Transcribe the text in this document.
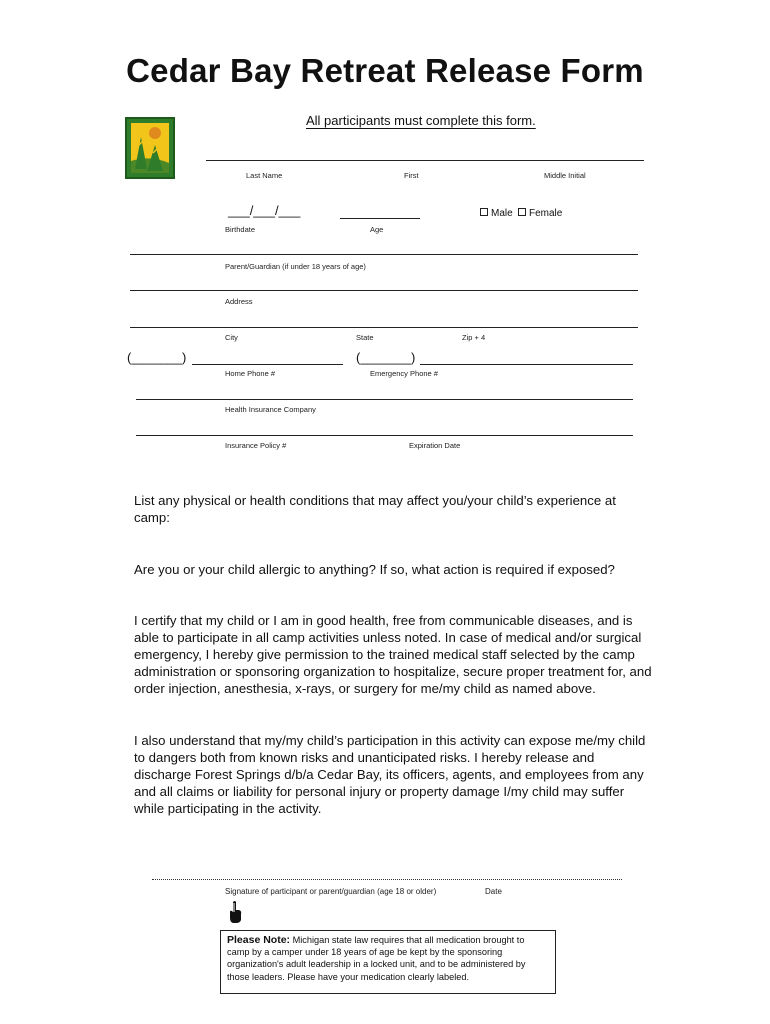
Cedar Bay Retreat Release Form
All participants must complete this form.
Last Name	First	Middle Initial
___/___/___	Male	Female
Birthdate	Age
Parent/Guardian (if under 18 years of age)
Address
City	State	Zip + 4
(_______)	(_______)
Home Phone #	Emergency Phone #
Health Insurance Company
Insurance Policy #	Expiration Date
List any physical or health conditions that may affect you/your child’s experience at camp:
Are you or your child allergic to anything? If so, what action is required if exposed?
I certify that my child or I am in good health, free from communicable diseases, and is able to participate in all camp activities unless noted. In case of medical and/or surgical emergency, I hereby give permission to the trained medical staff selected by the camp administration or sponsoring organization to hospitalize, secure proper treatment for, and order injection, anesthesia, x-rays, or surgery for me/my child as named above.
I also understand that my/my child’s participation in this activity can expose me/my child to dangers both from known risks and unanticipated risks. I hereby release and discharge Forest Springs d/b/a Cedar Bay, its officers, agents, and employees from any and all claims or liability for personal injury or property damage I/my child may suffer while participating in the activity.
Signature of participant or parent/guardian (age 18 or older)	Date
Please Note: Michigan state law requires that all medication brought to camp by a camper under 18 years of age be kept by the sponsoring organization's adult leadership in a locked unit, and to be administered by those leaders. Please have your medication clearly labeled.
